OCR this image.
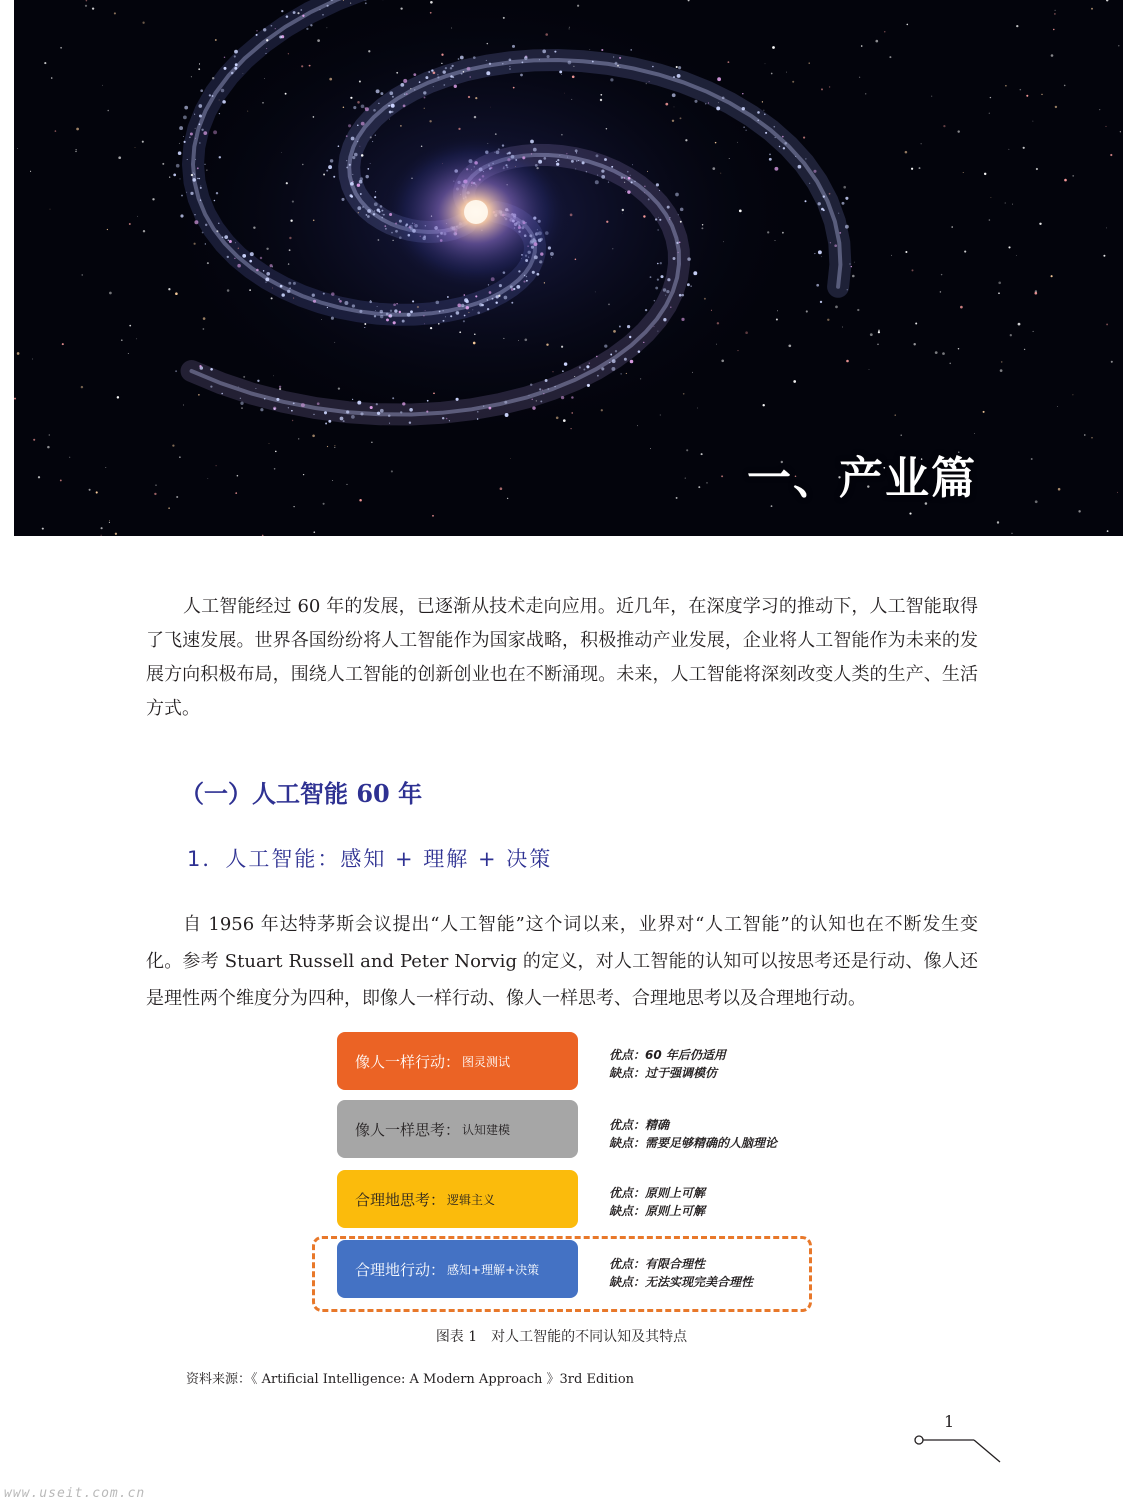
一、产业篇

人工智能经过 60 年的发展，已逐渐从技术走向应用。近几年，在深度学习的推动下，人工智能取得了飞速发展。世界各国纷纷将人工智能作为国家战略，积极推动产业发展，企业将人工智能作为未来的发展方向积极布局，围绕人工智能的创新创业也在不断涌现。未来，人工智能将深刻改变人类的生产、生活方式。

（一）人工智能 60 年
1．人工智能：感知 + 理解 + 决策

自 1956 年达特茅斯会议提出“人工智能”这个词以来，业界对“人工智能”的认知也在不断发生变化。参考 Stuart Russell and Peter Norvig 的定义，对人工智能的认知可以按思考还是行动、像人还是理性两个维度分为四种，即像人一样行动、像人一样思考、合理地思考以及合理地行动。

像人一样行动： 图灵测试	优点：60 年后仍适用
缺点：过于强调模仿
像人一样思考： 认知建模	优点：精确
缺点：需要足够精确的人脑理论
合理地思考： 逻辑主义	优点：原则上可解
缺点：原则上可解
合理地行动： 感知+理解+决策	优点：有限合理性
缺点：无法实现完美合理性
图表 1　对人工智能的不同认知及其特点
资料来源：《 Artificial Intelligence: A Modern Approach 》3rd Edition
1
www.useit.com.cn
